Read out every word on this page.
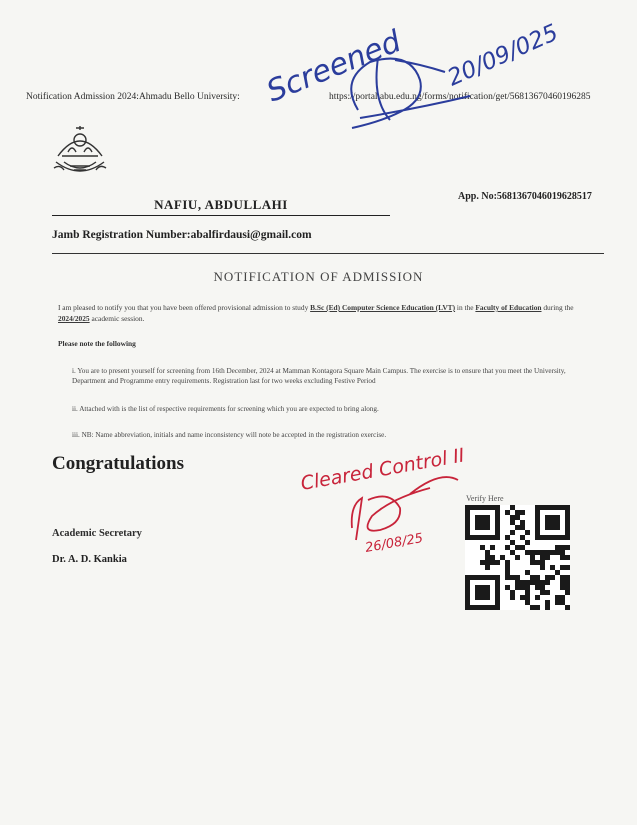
Notification Admission 2024:Ahmadu Bello University:	https://portal.abu.edu.ng/forms/notification/get/56813670460196285
NAFIU, ABDULLAHI
App. No:5681367046019628517
Jamb Registration Number:abalfirdausi@gmail.com
NOTIFICATION OF ADMISSION
I am pleased to notify you that you have been offered provisional admission to study B.Sc (Ed) Computer Science Education (LVT) in the Faculty of Education during the 2024/2025 academic session.
Please note the following
i. You are to present yourself for screening from 16th December, 2024 at Mamman Kontagora Square Main Campus. The exercise is to ensure that you meet the University, Department and Programme entry requirements. Registration last for two weeks excluding Festive Period
ii. Attached with is the list of respective requirements for screening which you are expected to bring along.
iii. NB: Name abbreviation, initials and name inconsistency will note be accepted in the registration exercise.
Congratulations
Academic Secretary
Dr. A. D. Kankia
Verify Here
Screened 20/09/025
Cleared Control II
26/08/25
